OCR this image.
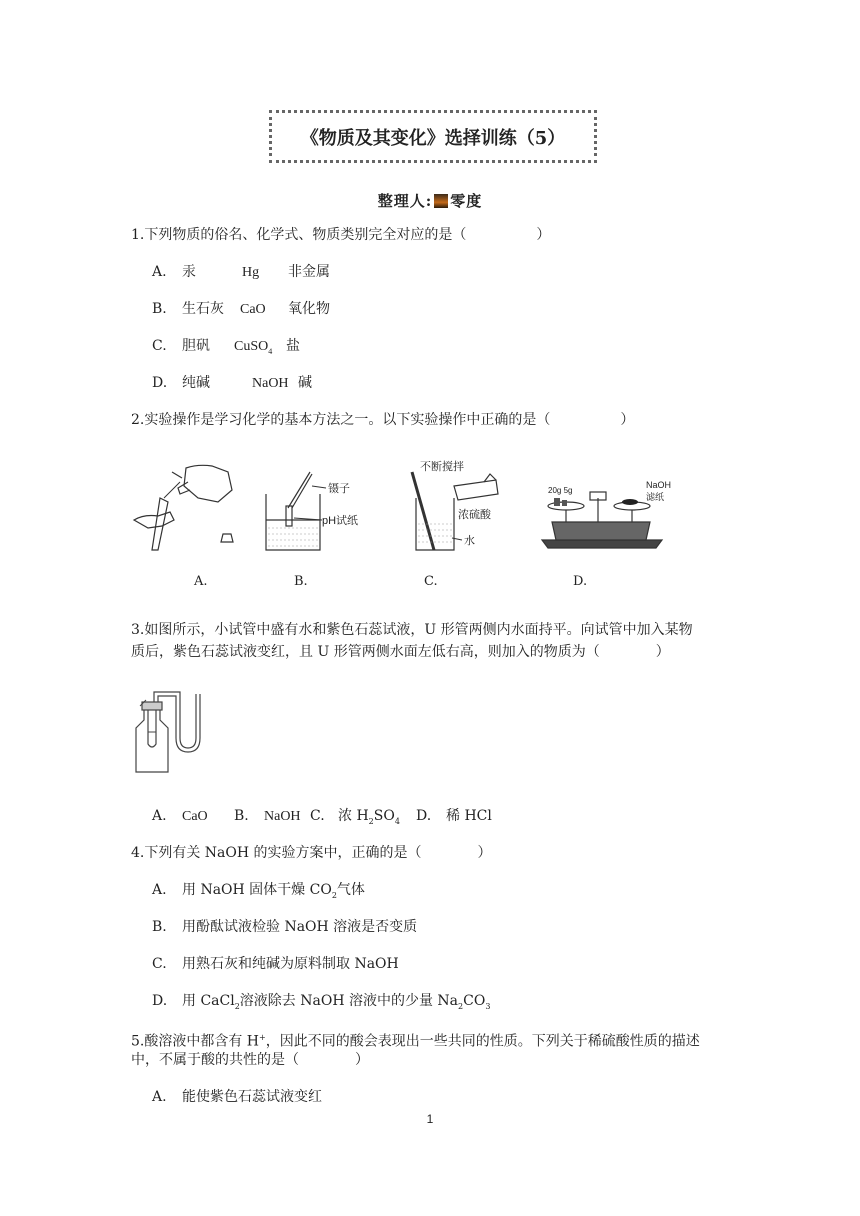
《物质及其变化》选择训练（5）
整理人: 零度
1.下列物质的俗名、化学式、物质类别完全对应的是（　　　　　）
A. 汞	Hg 非金属
B. 生石灰 CaO 氧化物
C. 胆矾 CuSO$_4$ 盐
D. 纯碱	NaOH 碱
2.实验操作是学习化学的基本方法之一。以下实验操作中正确的是（　　　　　）
镊子
pH试纸
不断搅拌
浓硫酸
水
20g 5g
NaOH
滤纸
A.	B.	C.	D.
3.如图所示，小试管中盛有水和紫色石蕊试液，U 形管两侧内水面持平。向试管中加入某物
质后，紫色石蕊试液变红，且 U 形管两侧水面左低右高，则加入的物质为（　　　　）
A. CaO B. NaOH C. 浓 $H_2SO_4$ D. 稀 HCl
4.下列有关 NaOH 的实验方案中，正确的是（　　　　）
A. 用 NaOH 固体干燥 $CO_2$气体
B. 用酚酞试液检验 NaOH 溶液是否变质
C. 用熟石灰和纯碱为原料制取 NaOH
D. 用 CaCl$_2$溶液除去 NaOH 溶液中的少量 $Na_2CO_3$
5.酸溶液中都含有 H+，因此不同的酸会表现出一些共同的性质。下列关于稀硫酸性质的描述
中，不属于酸的共性的是（　　　　）
A. 能使紫色石蕊试液变红
1
